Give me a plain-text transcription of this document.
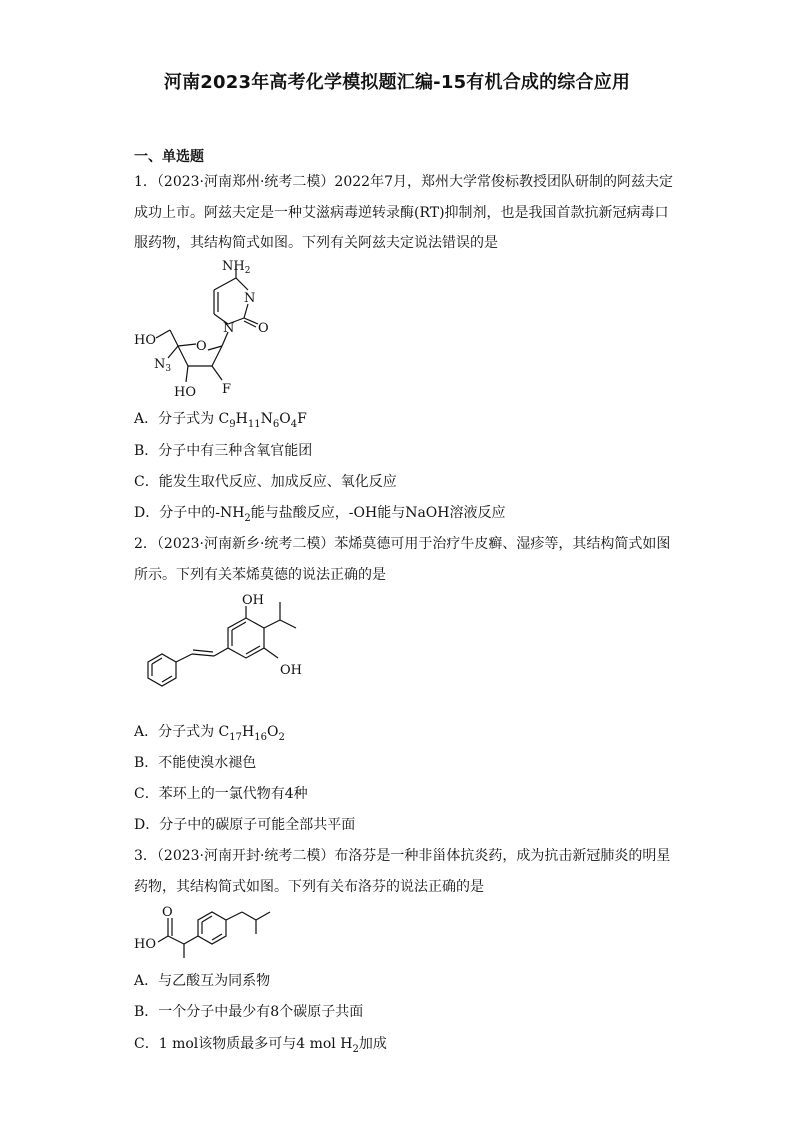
河南2023年高考化学模拟题汇编-15有机合成的综合应用
一、单选题
1．（2023·河南郑州·统考二模）2022年7月，郑州大学常俊标教授团队研制的阿兹夫定
成功上市。阿兹夫定是一种艾滋病毒逆转录酶(RT)抑制剂，也是我国首款抗新冠病毒口
服药物，其结构简式如图。下列有关阿兹夫定说法错误的是
$NH_2$
N
N O
O
HO
$N_3$
HO F
A．分子式为 $C_9H_{11}N_6O_4F$
B．分子中有三种含氧官能团
C．能发生取代反应、加成反应、氧化反应
D．分子中的$-NH_2$能与盐酸反应，-OH能与NaOH溶液反应
2．（2023·河南新乡·统考二模）苯烯莫德可用于治疗牛皮癣、湿疹等，其结构简式如图
所示。下列有关苯烯莫德的说法正确的是
OH
OH
A．分子式为 $C_{17}H_{16}O_2$
B．不能使溴水褪色
C．苯环上的一氯代物有4种
D．分子中的碳原子可能全部共平面
3．（2023·河南开封·统考二模）布洛芬是一种非甾体抗炎药，成为抗击新冠肺炎的明星
药物，其结构简式如图。下列有关布洛芬的说法正确的是
O
HO
A．与乙酸互为同系物
B．一个分子中最少有8个碳原子共面
C．1 mol该物质最多可与4 mol $H_2$加成
